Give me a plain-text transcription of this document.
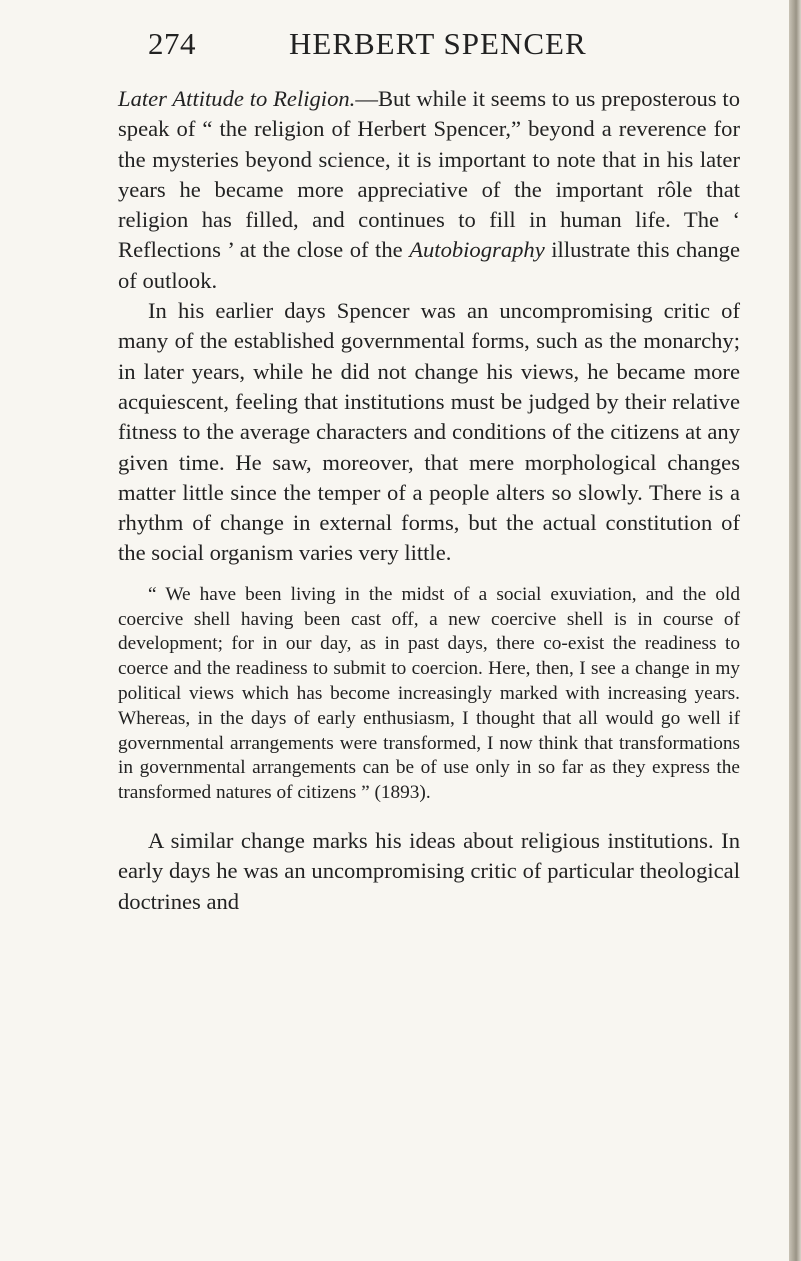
274	HERBERT SPENCER

Later Attitude to Religion.—But while it seems to us preposterous to speak of “ the religion of Herbert Spencer,” beyond a reverence for the mysteries beyond science, it is important to note that in his later years he became more appreciative of the important rôle that religion has filled, and continues to fill in human life. The ‘ Reflections ’ at the close of the Autobiography illustrate this change of outlook.

In his earlier days Spencer was an uncompromising critic of many of the established governmental forms, such as the monarchy; in later years, while he did not change his views, he became more acquiescent, feeling that institutions must be judged by their relative fitness to the average characters and conditions of the citizens at any given time. He saw, moreover, that mere morphological changes matter little since the temper of a people alters so slowly. There is a rhythm of change in external forms, but the actual constitution of the social organism varies very little.

“ We have been living in the midst of a social exuviation, and the old coercive shell having been cast off, a new coercive shell is in course of development; for in our day, as in past days, there co-exist the readiness to coerce and the readiness to submit to coercion. Here, then, I see a change in my political views which has become increasingly marked with increasing years. Whereas, in the days of early enthusiasm, I thought that all would go well if governmental arrangements were transformed, I now think that transformations in governmental arrangements can be of use only in so far as they express the transformed natures of citizens ” (1893).

A similar change marks his ideas about religious institutions. In early days he was an uncompromising critic of particular theological doctrines and
